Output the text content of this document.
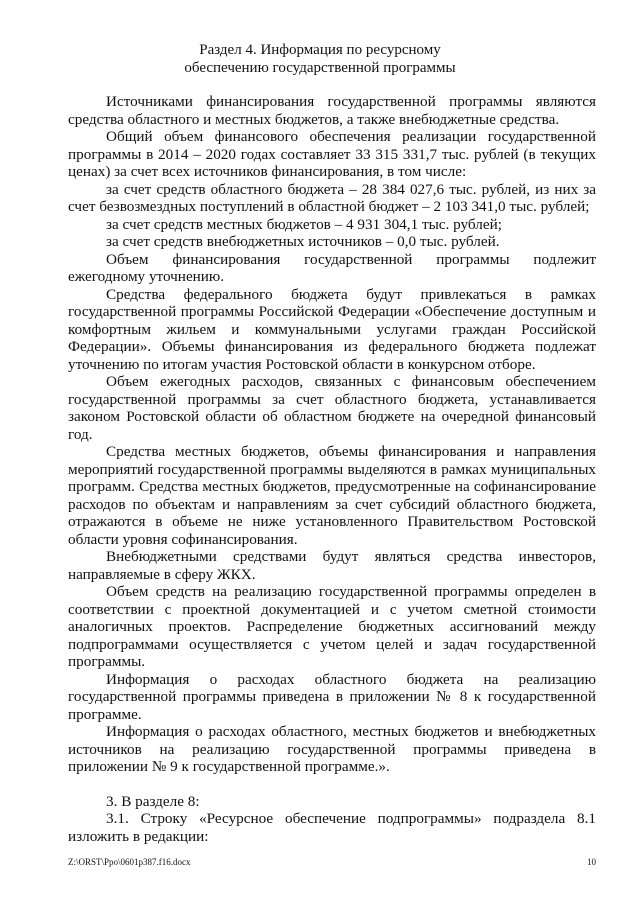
Раздел 4. Информация по ресурсному
обеспечению государственной программы

Источниками финансирования государственной программы являются средства областного и местных бюджетов, а также внебюджетные средства.

Общий объем финансового обеспечения реализации государственной программы в 2014 – 2020 годах составляет 33 315 331,7 тыс. рублей (в текущих ценах) за счет всех источников финансирования, в том числе:

за счет средств областного бюджета – 28 384 027,6 тыс. рублей, из них за счет безвозмездных поступлений в областной бюджет – 2 103 341,0 тыс. рублей;

за счет средств местных бюджетов – 4 931 304,1 тыс. рублей;

за счет средств внебюджетных источников – 0,0 тыс. рублей.

Объем финансирования государственной программы подлежит ежегодному уточнению.

Средства федерального бюджета будут привлекаться в рамках государственной программы Российской Федерации «Обеспечение доступным и комфортным жильем и коммунальными услугами граждан Российской Федерации». Объемы финансирования из федерального бюджета подлежат уточнению по итогам участия Ростовской области в конкурсном отборе.

Объем ежегодных расходов, связанных с финансовым обеспечением государственной программы за счет областного бюджета, устанавливается законом Ростовской области об областном бюджете на очередной финансовый год.

Средства местных бюджетов, объемы финансирования и направления мероприятий государственной программы выделяются в рамках муниципальных программ. Средства местных бюджетов, предусмотренные на софинансирование расходов по объектам и направлениям за счет субсидий областного бюджета, отражаются в объеме не ниже установленного Правительством Ростовской области уровня софинансирования.

Внебюджетными средствами будут являться средства инвесторов, направляемые в сферу ЖКХ.

Объем средств на реализацию государственной программы определен в соответствии с проектной документацией и с учетом сметной стоимости аналогичных проектов. Распределение бюджетных ассигнований между подпрограммами осуществляется с учетом целей и задач государственной программы.

Информация о расходах областного бюджета на реализацию государственной программы приведена в приложении № 8 к государственной программе.

Информация о расходах областного, местных бюджетов и внебюджетных источников на реализацию государственной программы приведена в приложении № 9 к государственной программе.».

3. В разделе 8:

3.1. Строку «Ресурсное обеспечение подпрограммы» подраздела 8.1 изложить в редакции:

Z:\ORST\Ppo\0601p387.f16.docx	10
